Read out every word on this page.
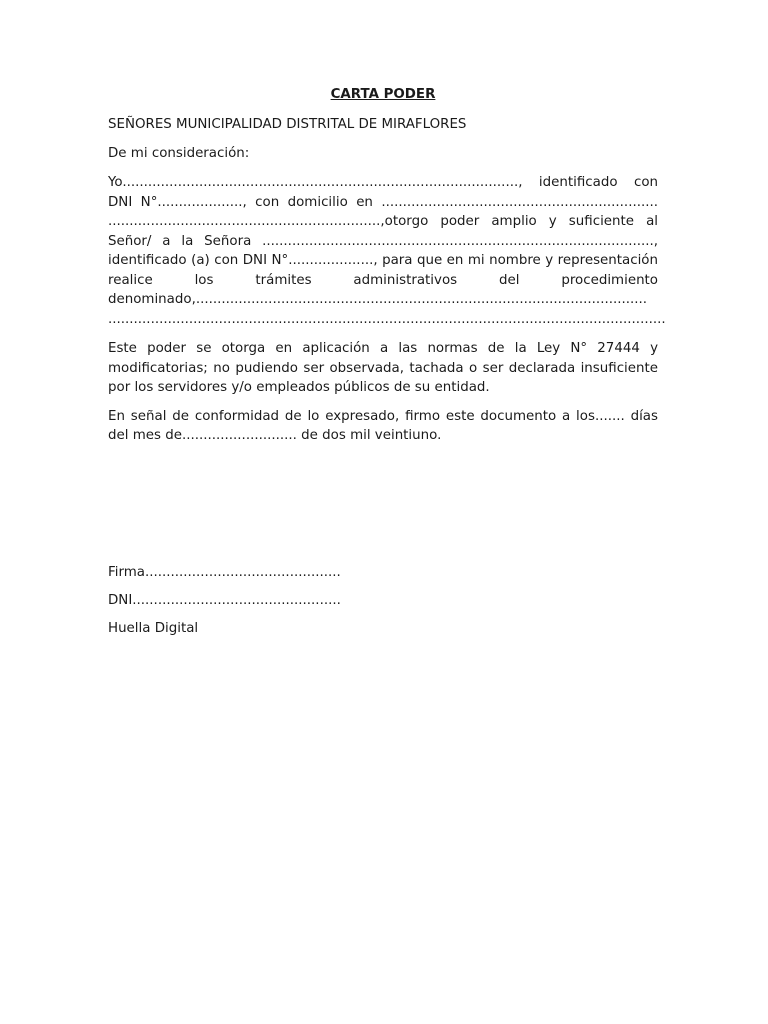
CARTA PODER

SEÑORES MUNICIPALIDAD DISTRITAL DE MIRAFLORES

De mi consideración:

Yo............................................................................................., identificado con DNI N°...................., con domicilio en ................................................................. ................................................................,otorgo poder amplio y suficiente al Señor/ a la Señora ............................................................................................, identificado (a) con DNI N°...................., para que en mi nombre y representación realice los trámites administrativos del procedimiento denominado,.......................................................................................................... ...................................................................................................................................

Este poder se otorga en aplicación a las normas de la Ley N° 27444 y modificatorias; no pudiendo ser observada, tachada o ser declarada insuficiente por los servidores y/o empleados públicos de su entidad.

En señal de conformidad de lo expresado, firmo este documento a los....... días del mes de........................... de dos mil veintiuno.

Firma..............................................

DNI.................................................

Huella Digital
